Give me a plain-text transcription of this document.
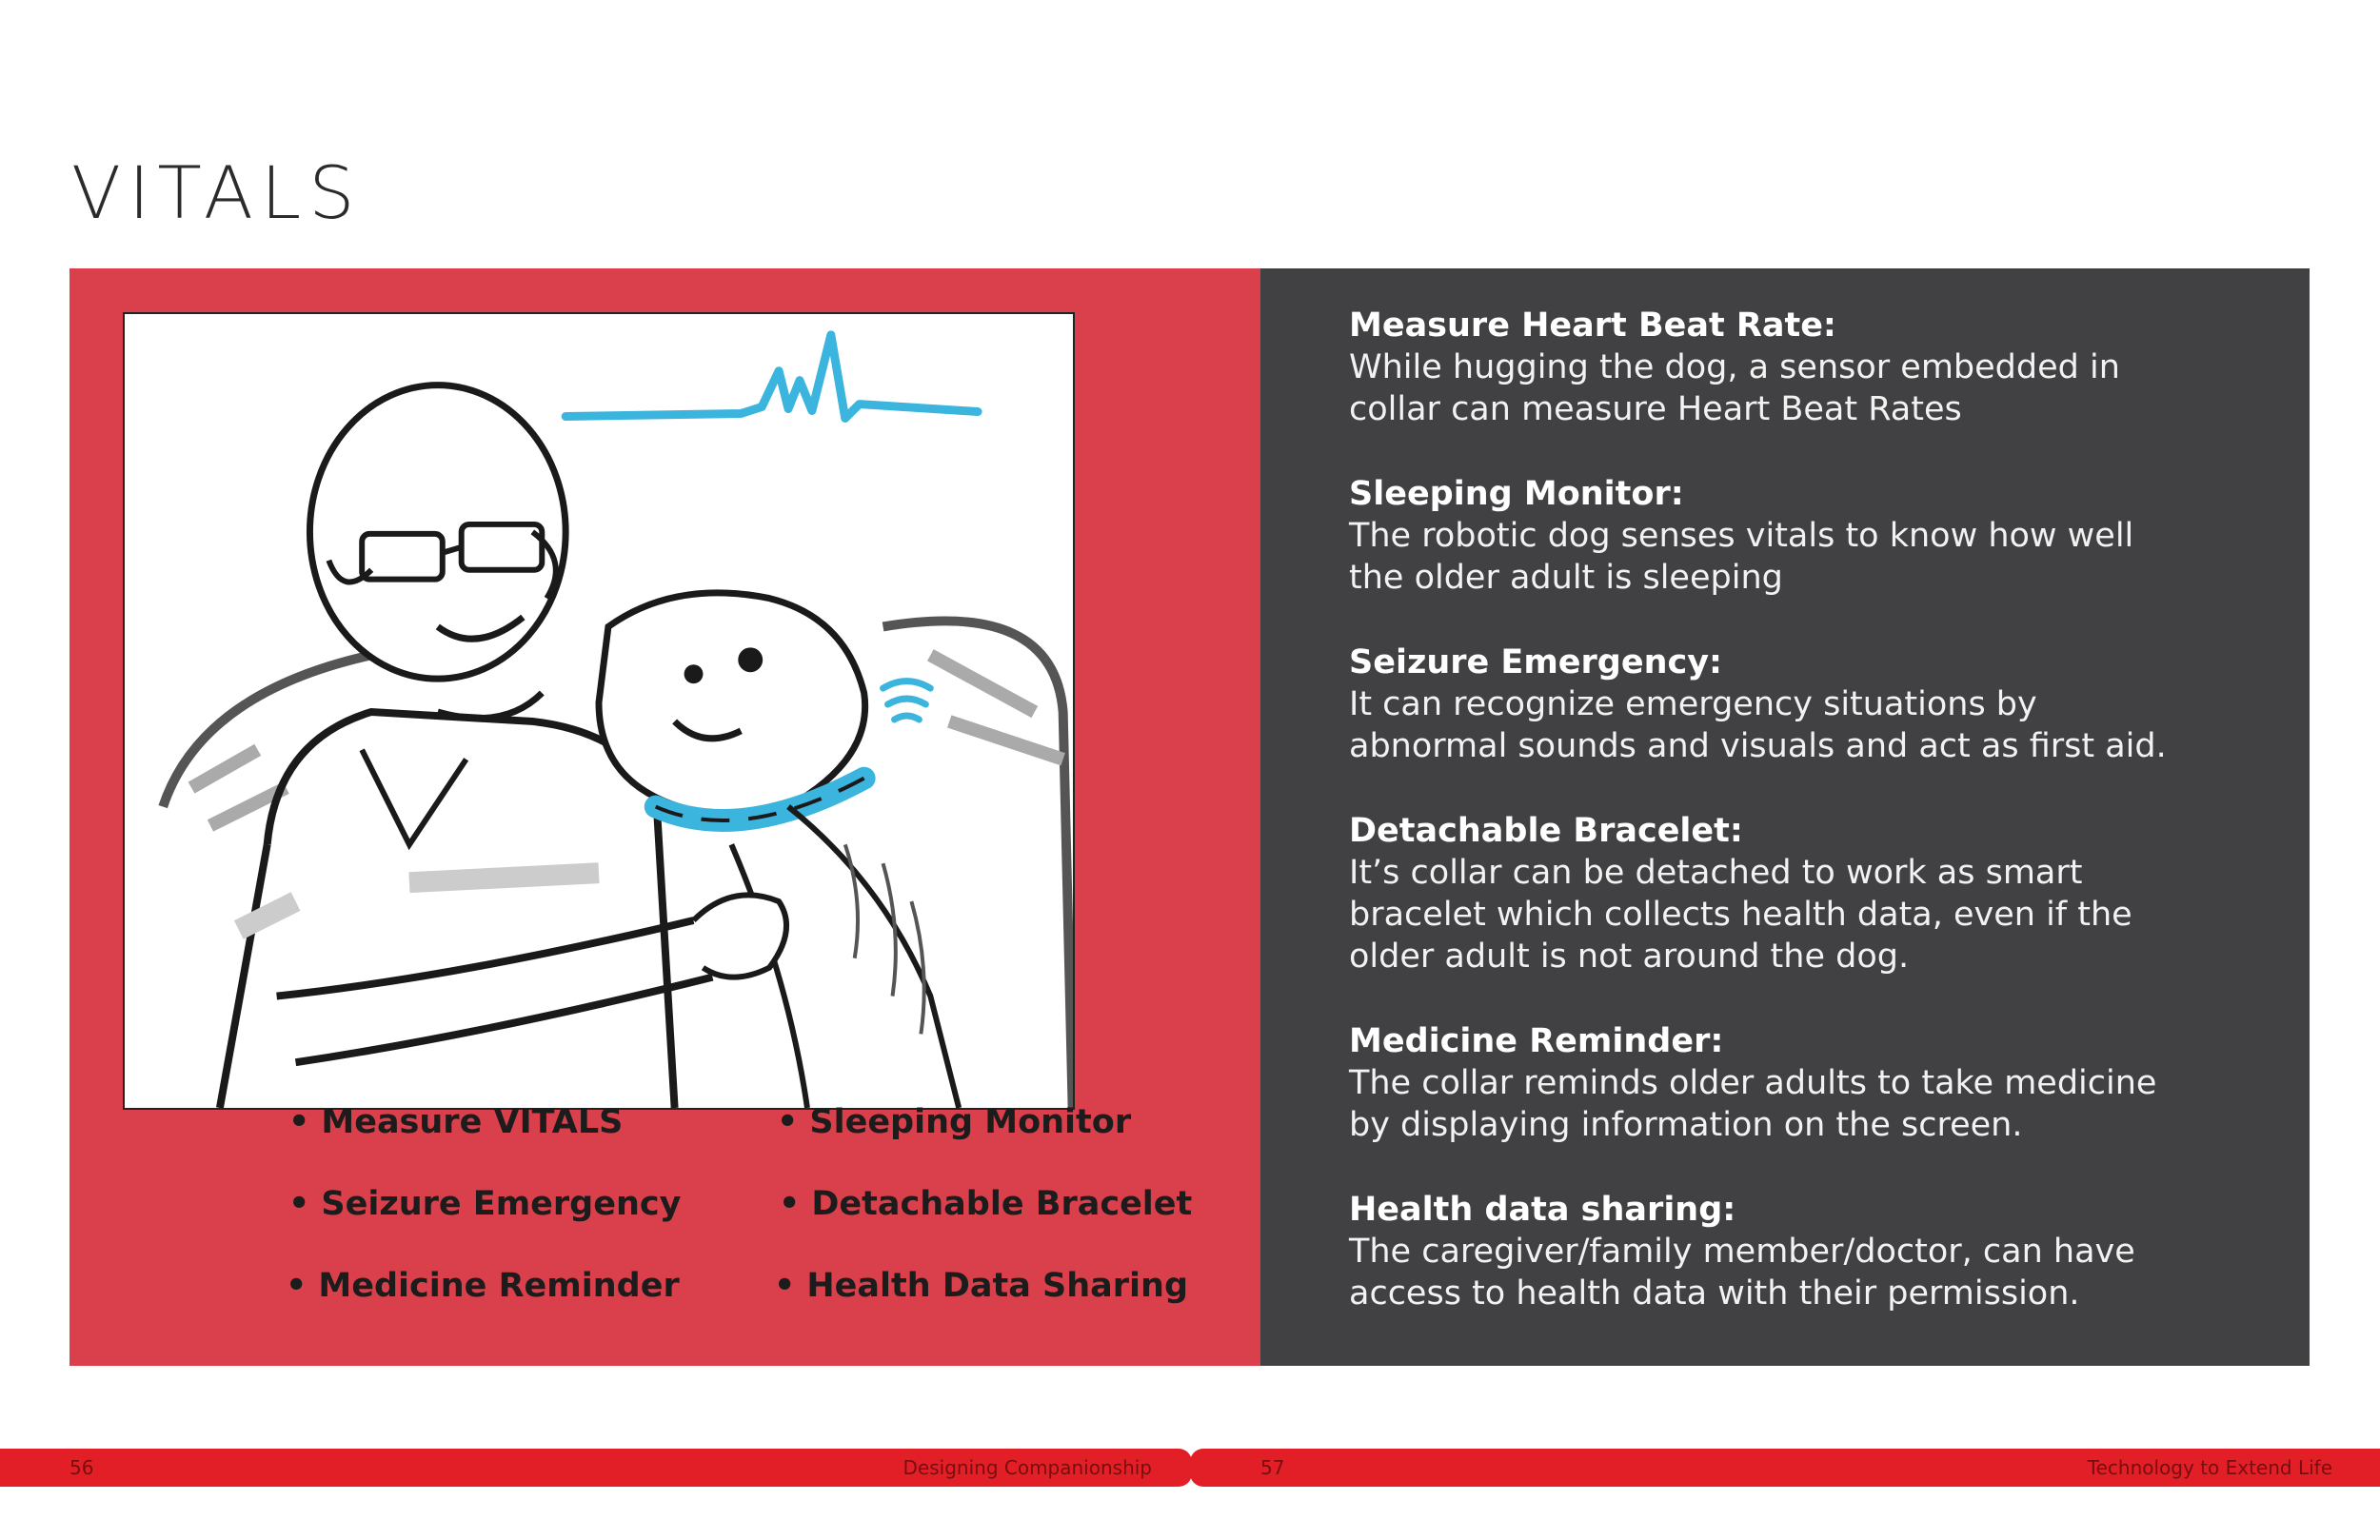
VITALS
• Measure VITALS	• Sleeping Monitor
• Seizure Emergency	• Detachable Bracelet
• Medicine Reminder	• Health Data Sharing

Measure Heart Beat Rate:

While hugging the dog, a sensor embedded in

collar can measure Heart Beat Rates

Sleeping Monitor:

The robotic dog senses vitals to know how well

the older adult is sleeping

Seizure Emergency:

It can recognize emergency situations by

abnormal sounds and visuals and act as first aid.

Detachable Bracelet:

It’s collar can be detached to work as smart

bracelet which collects health data, even if the

older adult is not around the dog.

Medicine Reminder:

The collar reminds older adults to take medicine

by displaying information on the screen.

Health data sharing:

The caregiver/family member/doctor, can have

access to health data with their permission.

56	Designing Companionship	57	Technology to Extend Life
